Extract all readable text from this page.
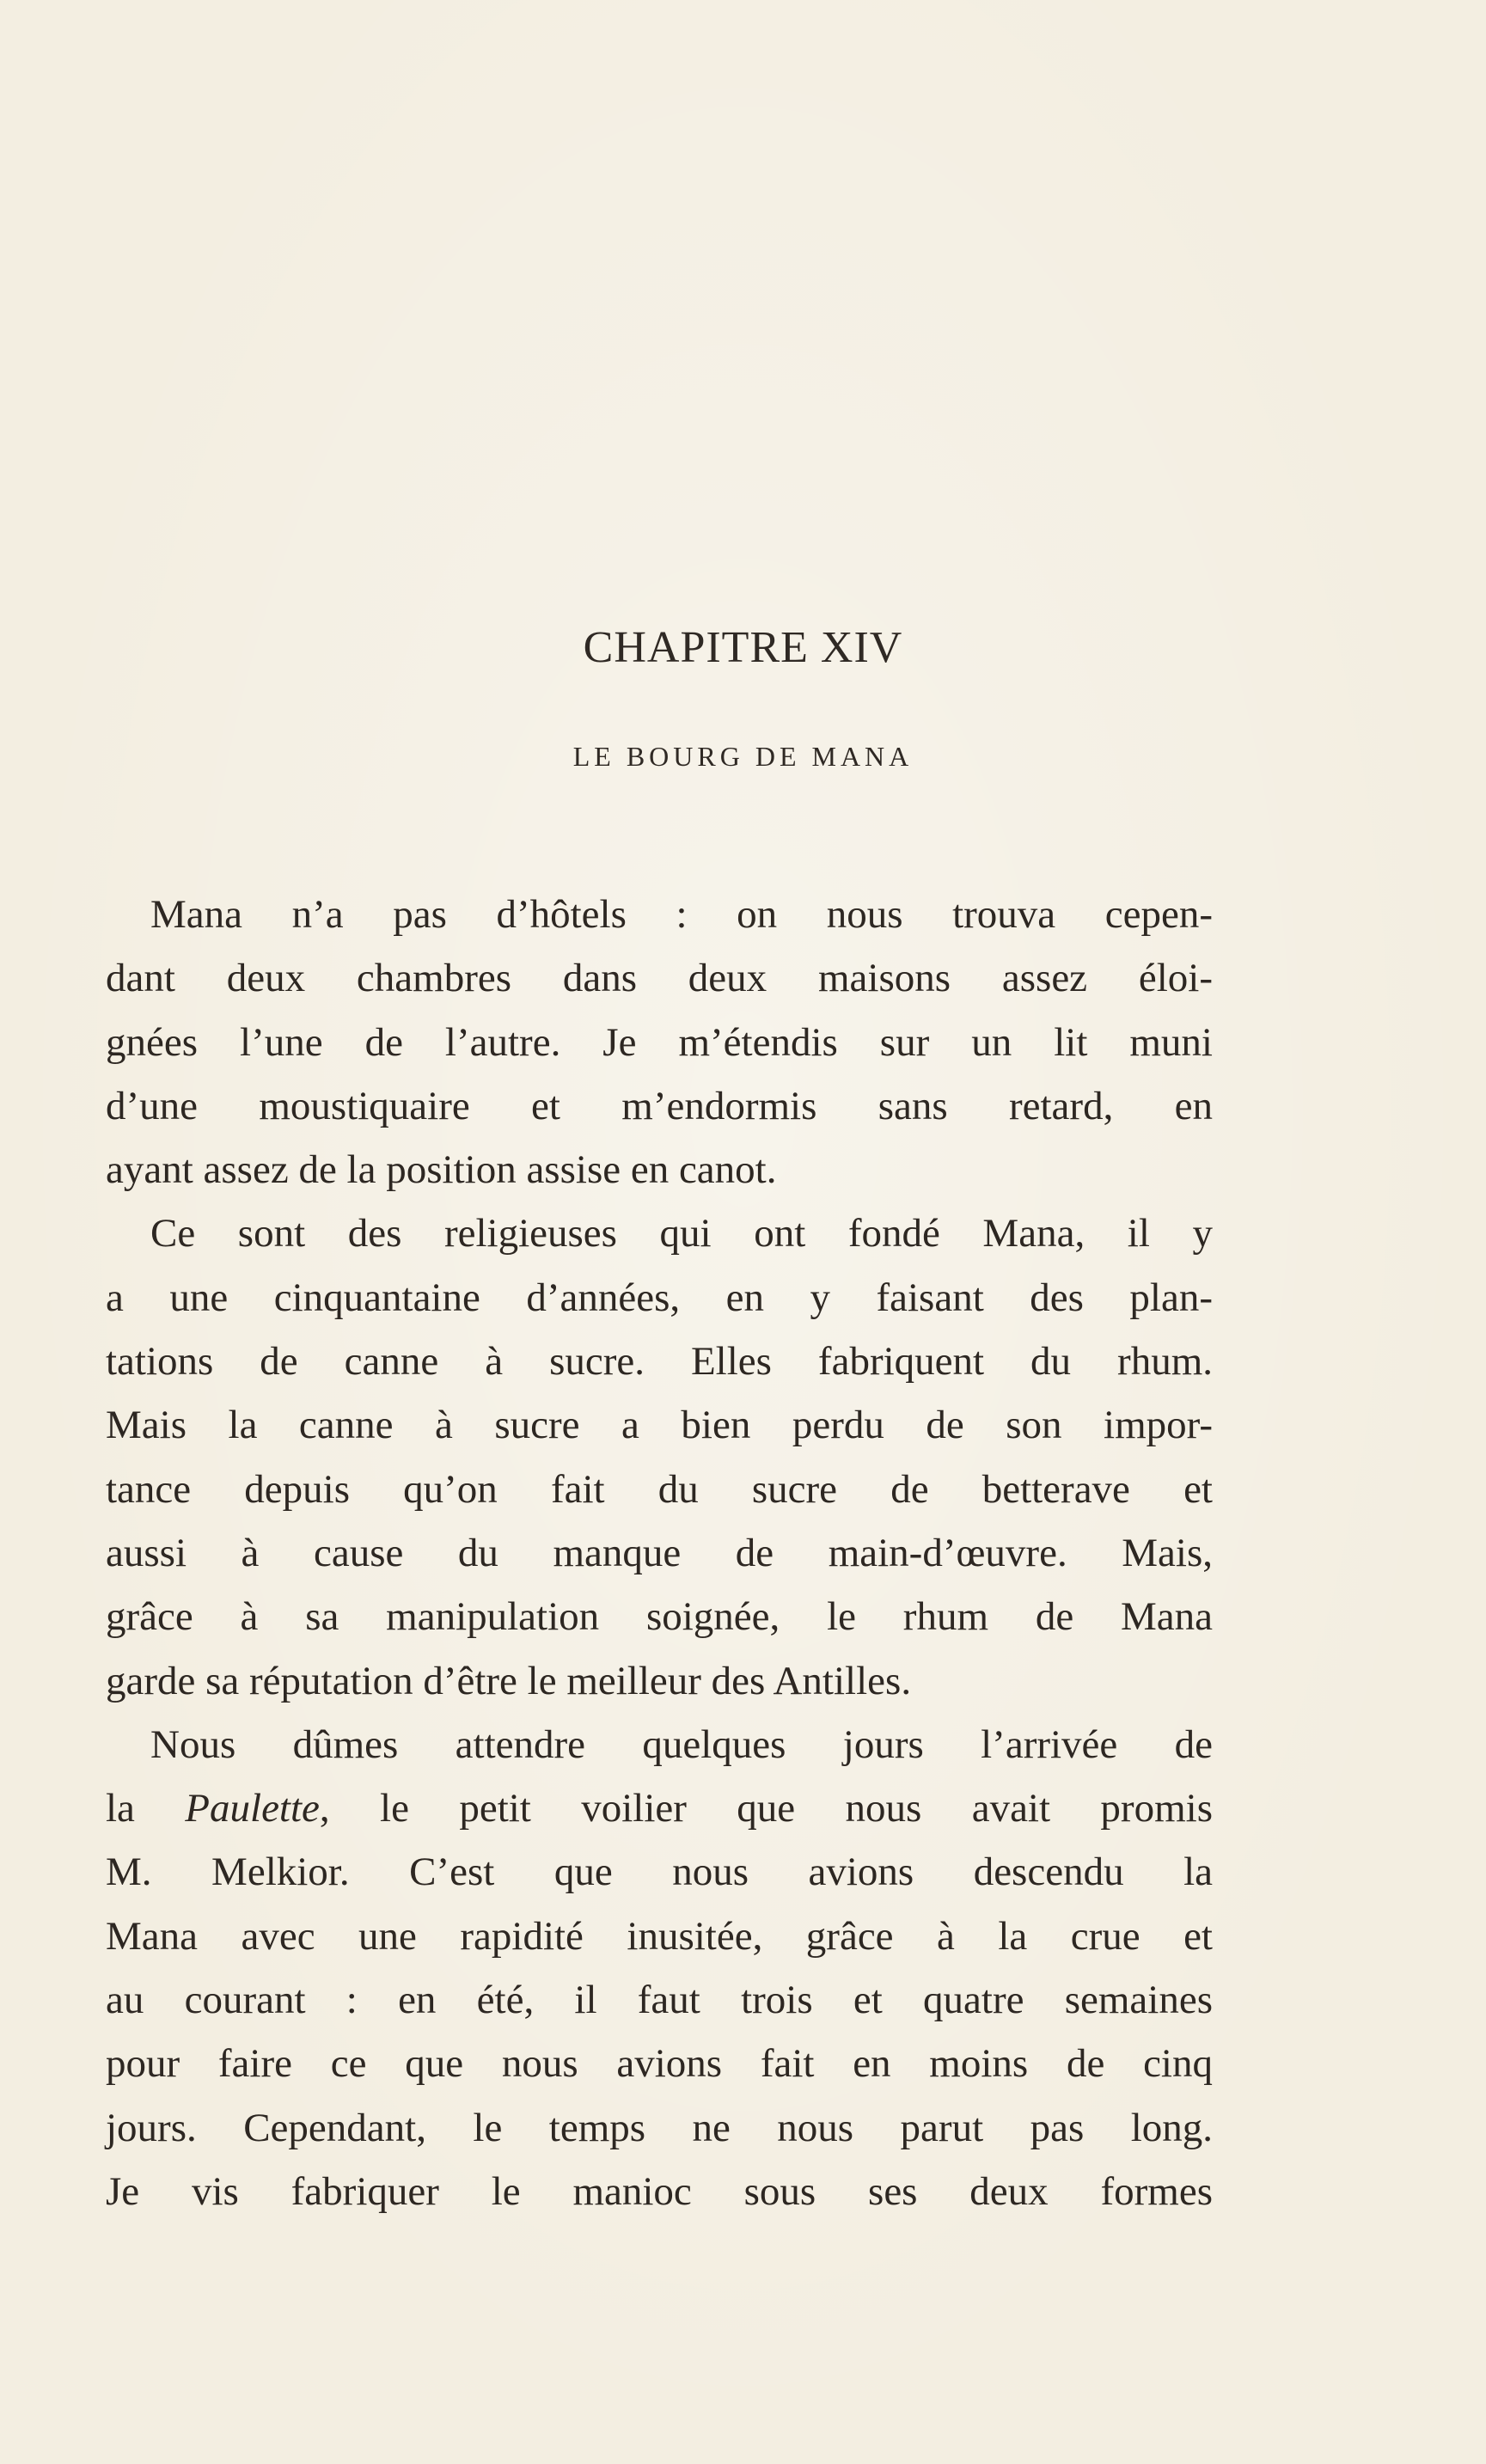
CHAPITRE XIV
LE BOURG DE MANA
Mana n’a pas d’hôtels : on nous trouva cepen-
dant deux chambres dans deux maisons assez éloi-
gnées l’une de l’autre. Je m’étendis sur un lit muni
d’une moustiquaire et m’endormis sans retard, en
ayant assez de la position assise en canot.
Ce sont des religieuses qui ont fondé Mana, il y
a une cinquantaine d’années, en y faisant des plan-
tations de canne à sucre. Elles fabriquent du rhum.
Mais la canne à sucre a bien perdu de son impor-
tance depuis qu’on fait du sucre de betterave et
aussi à cause du manque de main-d’œuvre. Mais,
grâce à sa manipulation soignée, le rhum de Mana
garde sa réputation d’être le meilleur des Antilles.
Nous dûmes attendre quelques jours l’arrivée de
la Paulette, le petit voilier que nous avait promis
M. Melkior. C’est que nous avions descendu la
Mana avec une rapidité inusitée, grâce à la crue et
au courant : en été, il faut trois et quatre semaines
pour faire ce que nous avions fait en moins de cinq
jours. Cependant, le temps ne nous parut pas long.
Je vis fabriquer le manioc sous ses deux formes
